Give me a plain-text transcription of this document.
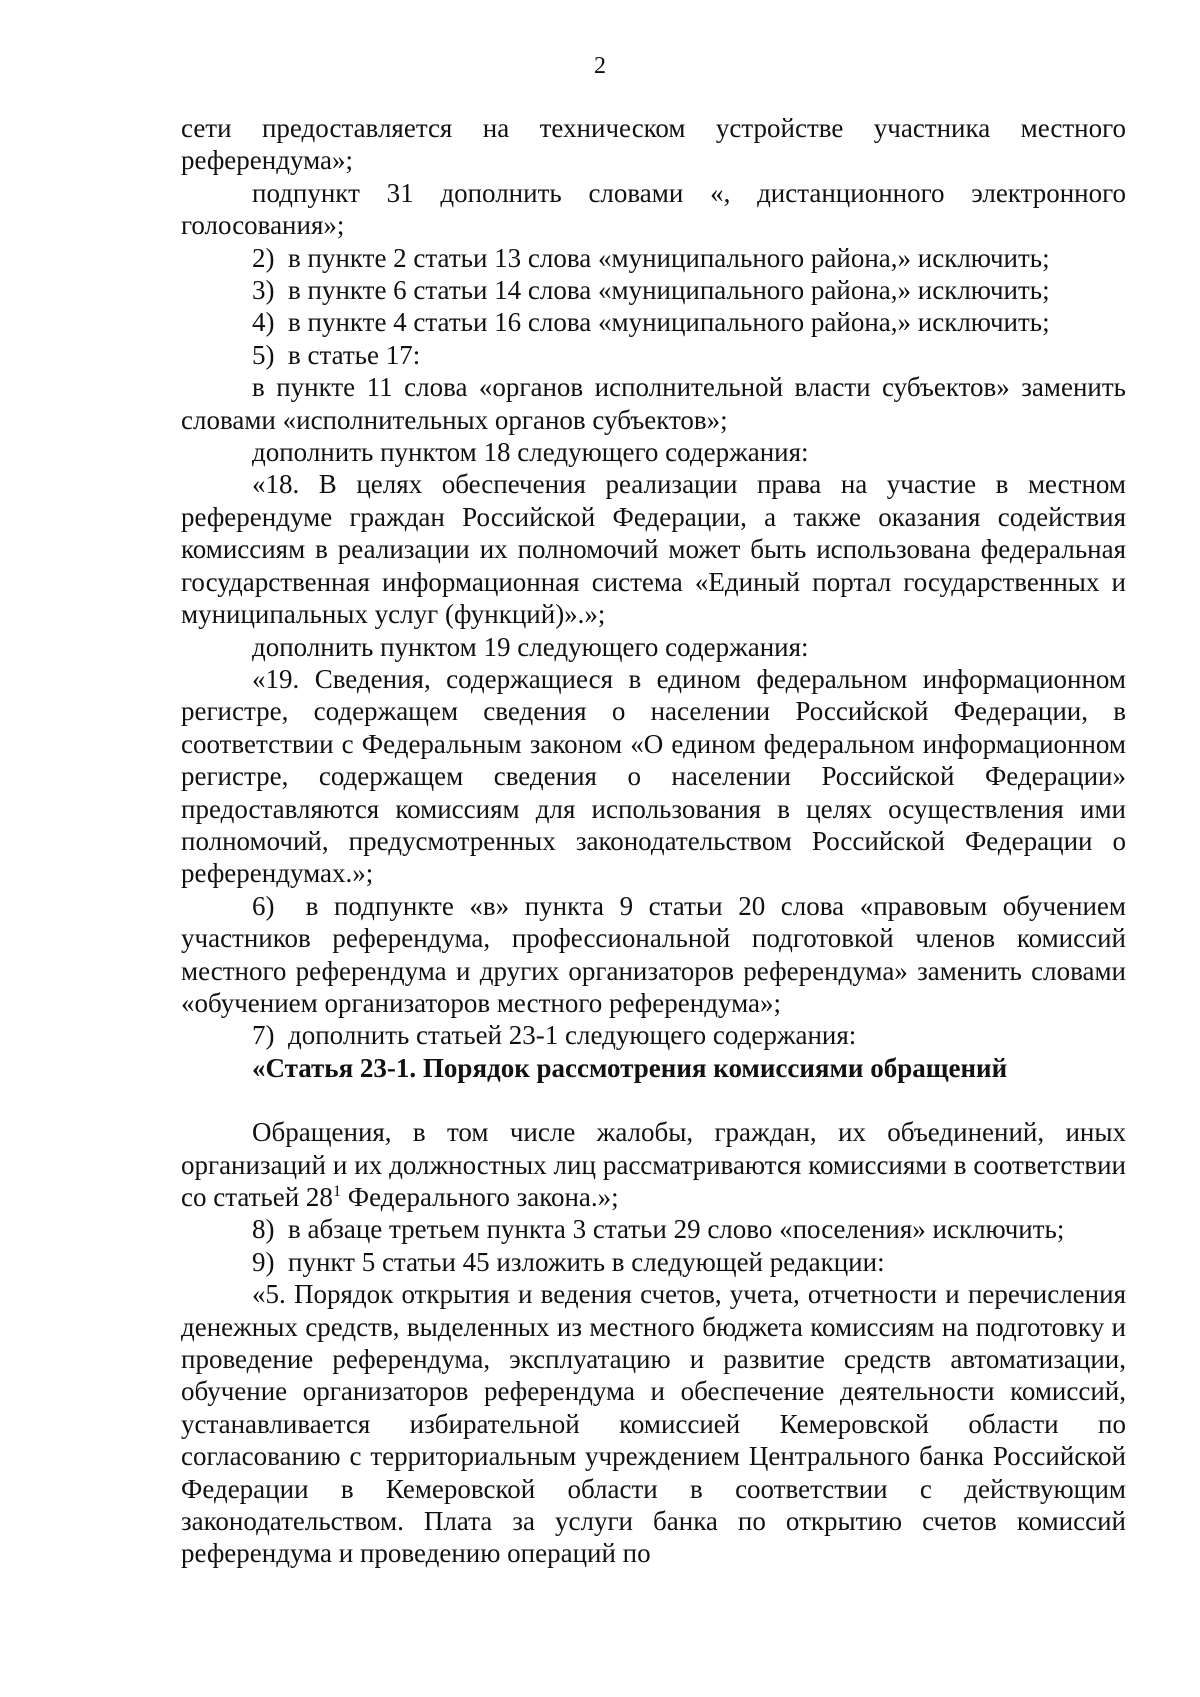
2

сети предоставляется на техническом устройстве участника местного референдума»;

подпункт 31 дополнить словами «, дистанционного электронного голосования»;

2)  в пункте 2 статьи 13 слова «муниципального района,» исключить;

3)  в пункте 6 статьи 14 слова «муниципального района,» исключить;

4)  в пункте 4 статьи 16 слова «муниципального района,» исключить;

5)  в статье 17:

в пункте 11 слова «органов исполнительной власти субъектов» заменить словами «исполнительных органов субъектов»;

дополнить пунктом 18 следующего содержания:

«18. В целях обеспечения реализации права на участие в местном референдуме граждан Российской Федерации, а также оказания содействия комиссиям в реализации их полномочий может быть использована федеральная государственная информационная система «Единый портал государственных и муниципальных услуг (функций)».»;

дополнить пунктом 19 следующего содержания:

«19. Сведения, содержащиеся в едином федеральном информационном регистре, содержащем сведения о населении Российской Федерации, в соответствии с Федеральным законом «О едином федеральном информационном регистре, содержащем сведения о населении Российской Федерации» предоставляются комиссиям для использования в целях осуществления ими полномочий, предусмотренных законодательством Российской Федерации о референдумах.»;

6)  в подпункте «в» пункта 9 статьи 20 слова «правовым обучением участников референдума, профессиональной подготовкой членов комиссий местного референдума и других организаторов референдума» заменить словами «обучением организаторов местного референдума»;

7)  дополнить статьей 23-1 следующего содержания:

«Статья 23-1. Порядок рассмотрения комиссиями обращений

Обращения, в том числе жалобы, граждан, их объединений, иных организаций и их должностных лиц рассматриваются комиссиями в соответствии со статьей $28^1$ Федерального закона.»;

8)  в абзаце третьем пункта 3 статьи 29 слово «поселения» исключить;

9)  пункт 5 статьи 45 изложить в следующей редакции:

«5. Порядок открытия и ведения счетов, учета, отчетности и перечисления денежных средств, выделенных из местного бюджета комиссиям на подготовку и проведение референдума, эксплуатацию и развитие средств автоматизации, обучение организаторов референдума и обеспечение деятельности комиссий, устанавливается избирательной комиссией Кемеровской области по согласованию с территориальным учреждением Центрального банка Российской Федерации в Кемеровской области в соответствии с действующим законодательством. Плата за услуги банка по открытию счетов комиссий референдума и проведению операций по
